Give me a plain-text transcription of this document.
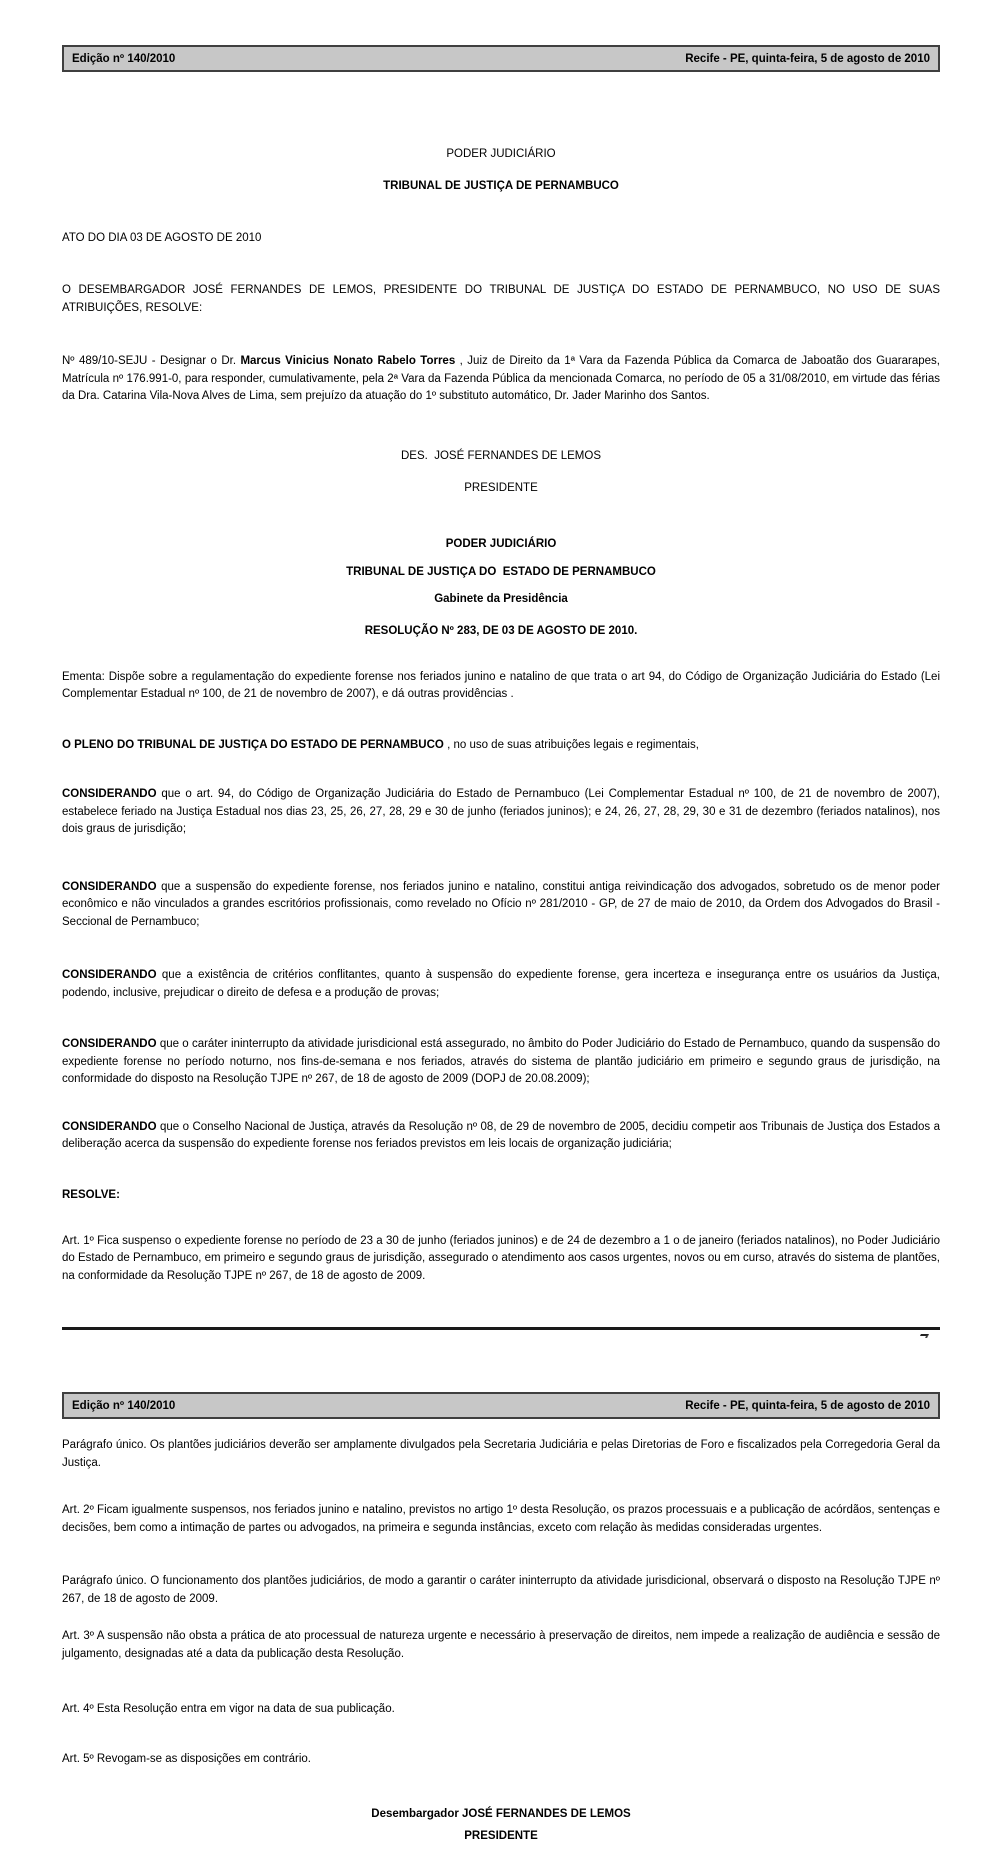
Edição nº 140/2010	Recife - PE, quinta-feira, 5 de agosto de 2010
PODER JUDICIÁRIO
TRIBUNAL DE JUSTIÇA DE PERNAMBUCO
ATO DO DIA 03 DE AGOSTO DE 2010

O DESEMBARGADOR JOSÉ FERNANDES DE LEMOS, PRESIDENTE DO TRIBUNAL DE JUSTIÇA DO ESTADO DE PERNAMBUCO, NO USO DE SUAS ATRIBUIÇÕES, RESOLVE:

Nº 489/10-SEJU - Designar o Dr. Marcus Vinicius Nonato Rabelo Torres , Juiz de Direito da 1ª Vara da Fazenda Pública da Comarca de Jaboatão dos Guararapes, Matrícula nº 176.991-0, para responder, cumulativamente, pela 2ª Vara da Fazenda Pública da mencionada Comarca, no período de 05 a 31/08/2010, em virtude das férias da Dra. Catarina Vila-Nova Alves de Lima, sem prejuízo da atuação do 1º substituto automático, Dr. Jader Marinho dos Santos.

DES.  JOSÉ FERNANDES DE LEMOS
PRESIDENTE
PODER JUDICIÁRIO
TRIBUNAL DE JUSTIÇA DO  ESTADO DE PERNAMBUCO
Gabinete da Presidência
RESOLUÇÃO Nº 283, DE 03 DE AGOSTO DE 2010.

Ementa: Dispõe sobre a regulamentação do expediente forense nos feriados junino e natalino de que trata o art 94, do Código de Organização Judiciária do Estado (Lei Complementar Estadual nº 100, de 21 de novembro de 2007), e dá outras providências .

O PLENO DO TRIBUNAL DE JUSTIÇA DO ESTADO DE PERNAMBUCO , no uso de suas atribuições legais e regimentais,

CONSIDERANDO que o art. 94, do Código de Organização Judiciária do Estado de Pernambuco (Lei Complementar Estadual nº 100, de 21 de novembro de 2007), estabelece feriado na Justiça Estadual nos dias 23, 25, 26, 27, 28, 29 e 30 de junho (feriados juninos); e 24, 26, 27, 28, 29, 30 e 31 de dezembro (feriados natalinos), nos dois graus de jurisdição;

CONSIDERANDO que a suspensão do expediente forense, nos feriados junino e natalino, constitui antiga reivindicação dos advogados, sobretudo os de menor poder econômico e não vinculados a grandes escritórios profissionais, como revelado no Ofício nº 281/2010 - GP, de 27 de maio de 2010, da Ordem dos Advogados do Brasil - Seccional de Pernambuco;

CONSIDERANDO que a existência de critérios conflitantes, quanto à suspensão do expediente forense, gera incerteza e insegurança entre os usuários da Justiça, podendo, inclusive, prejudicar o direito de defesa e a produção de provas;

CONSIDERANDO que o caráter ininterrupto da atividade jurisdicional está assegurado, no âmbito do Poder Judiciário do Estado de Pernambuco, quando da suspensão do expediente forense no período noturno, nos fins-de-semana e nos feriados, através do sistema de plantão judiciário em primeiro e segundo graus de jurisdição, na conformidade do disposto na Resolução TJPE nº 267, de 18 de agosto de 2009 (DOPJ de 20.08.2009);

CONSIDERANDO que o Conselho Nacional de Justiça, através da Resolução nº 08, de 29 de novembro de 2005, decidiu competir aos Tribunais de Justiça dos Estados a deliberação acerca da suspensão do expediente forense nos feriados previstos em leis locais de organização judiciária;

RESOLVE:

Art. 1º Fica suspenso o expediente forense no período de 23 a 30 de junho (feriados juninos) e de 24 de dezembro a 1 o de janeiro (feriados natalinos), no Poder Judiciário do Estado de Pernambuco, em primeiro e segundo graus de jurisdição, assegurado o atendimento aos casos urgentes, novos ou em curso, através do sistema de plantões, na conformidade da Resolução TJPE nº 267, de 18 de agosto de 2009.

Edição nº 140/2010	Recife - PE, quinta-feira, 5 de agosto de 2010

Parágrafo único. Os plantões judiciários deverão ser amplamente divulgados pela Secretaria Judiciária e pelas Diretorias de Foro e fiscalizados pela Corregedoria Geral da Justiça.

Art. 2º Ficam igualmente suspensos, nos feriados junino e natalino, previstos no artigo 1º desta Resolução, os prazos processuais e a publicação de acórdãos, sentenças e decisões, bem como a intimação de partes ou advogados, na primeira e segunda instâncias, exceto com relação às medidas consideradas urgentes.

Parágrafo único. O funcionamento dos plantões judiciários, de modo a garantir o caráter ininterrupto da atividade jurisdicional, observará o disposto na Resolução TJPE nº 267, de 18 de agosto de 2009.

Art. 3º A suspensão não obsta a prática de ato processual de natureza urgente e necessário à preservação de direitos, nem impede a realização de audiência e sessão de julgamento, designadas até a data da publicação desta Resolução.

Art. 4º Esta Resolução entra em vigor na data de sua publicação.

Art. 5º Revogam-se as disposições em contrário.

Desembargador JOSÉ FERNANDES DE LEMOS
PRESIDENTE
